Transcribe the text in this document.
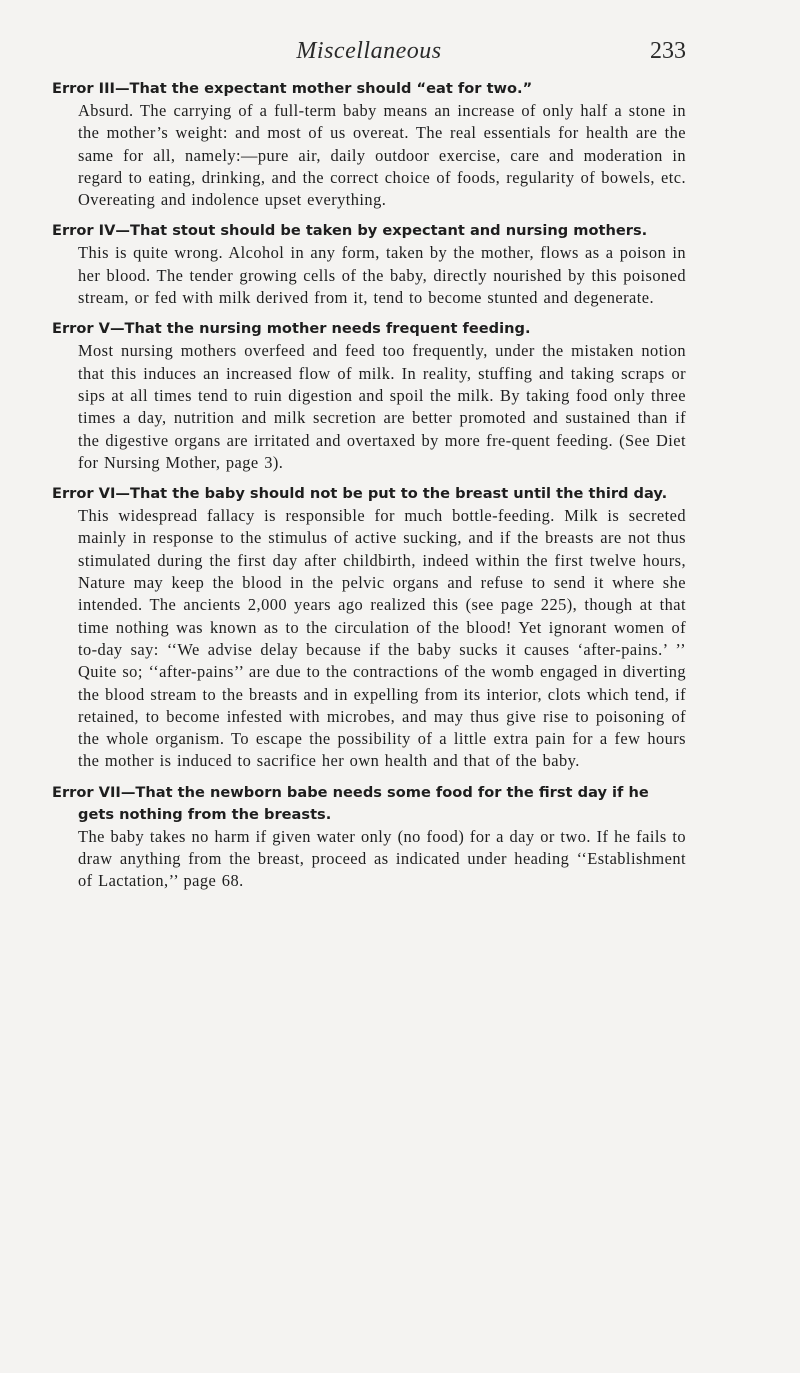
Miscellaneous	233
Error III—That the expectant mother should “eat for two.”

Absurd. The carrying of a full-term baby means an increase of only half a stone in the mother’s weight: and most of us overeat. The real essentials for health are the same for all, namely:—pure air, daily outdoor exercise, care and moderation in regard to eating, drinking, and the correct choice of foods, regularity of bowels, etc. Overeating and indolence upset everything.

Error IV—That stout should be taken by expectant and nursing mothers.

This is quite wrong. Alcohol in any form, taken by the mother, flows as a poison in her blood. The tender growing cells of the baby, directly nourished by this poisoned stream, or fed with milk derived from it, tend to become stunted and degenerate.

Error V—That the nursing mother needs frequent feeding.

Most nursing mothers overfeed and feed too frequently, under the mistaken notion that this induces an increased flow of milk. In reality, stuffing and taking scraps or sips at all times tend to ruin digestion and spoil the milk. By taking food only three times a day, nutrition and milk secretion are better promoted and sustained than if the digestive organs are irritated and overtaxed by more fre-quent feeding. (See Diet for Nursing Mother, page 3).

Error VI—That the baby should not be put to the breast until the third day.

This widespread fallacy is responsible for much bottle-feeding. Milk is secreted mainly in response to the stimulus of active sucking, and if the breasts are not thus stimulated during the first day after childbirth, indeed within the first twelve hours, Nature may keep the blood in the pelvic organs and refuse to send it where she intended. The ancients 2,000 years ago realized this (see page 225), though at that time nothing was known as to the circulation of the blood! Yet ignorant women of to-day say: ‘‘We advise delay because if the baby sucks it causes ‘after-pains.’ ’’ Quite so; ‘‘after-pains’’ are due to the contractions of the womb engaged in diverting the blood stream to the breasts and in expelling from its interior, clots which tend, if retained, to become infested with microbes, and may thus give rise to poisoning of the whole organism. To escape the possibility of a little extra pain for a few hours the mother is induced to sacrifice her own health and that of the baby.

Error VII—That the newborn babe needs some food for the first day if he gets nothing from the breasts.

The baby takes no harm if given water only (no food) for a day or two. If he fails to draw anything from the breast, proceed as indicated under heading ‘‘Establishment of Lactation,’’ page 68.
